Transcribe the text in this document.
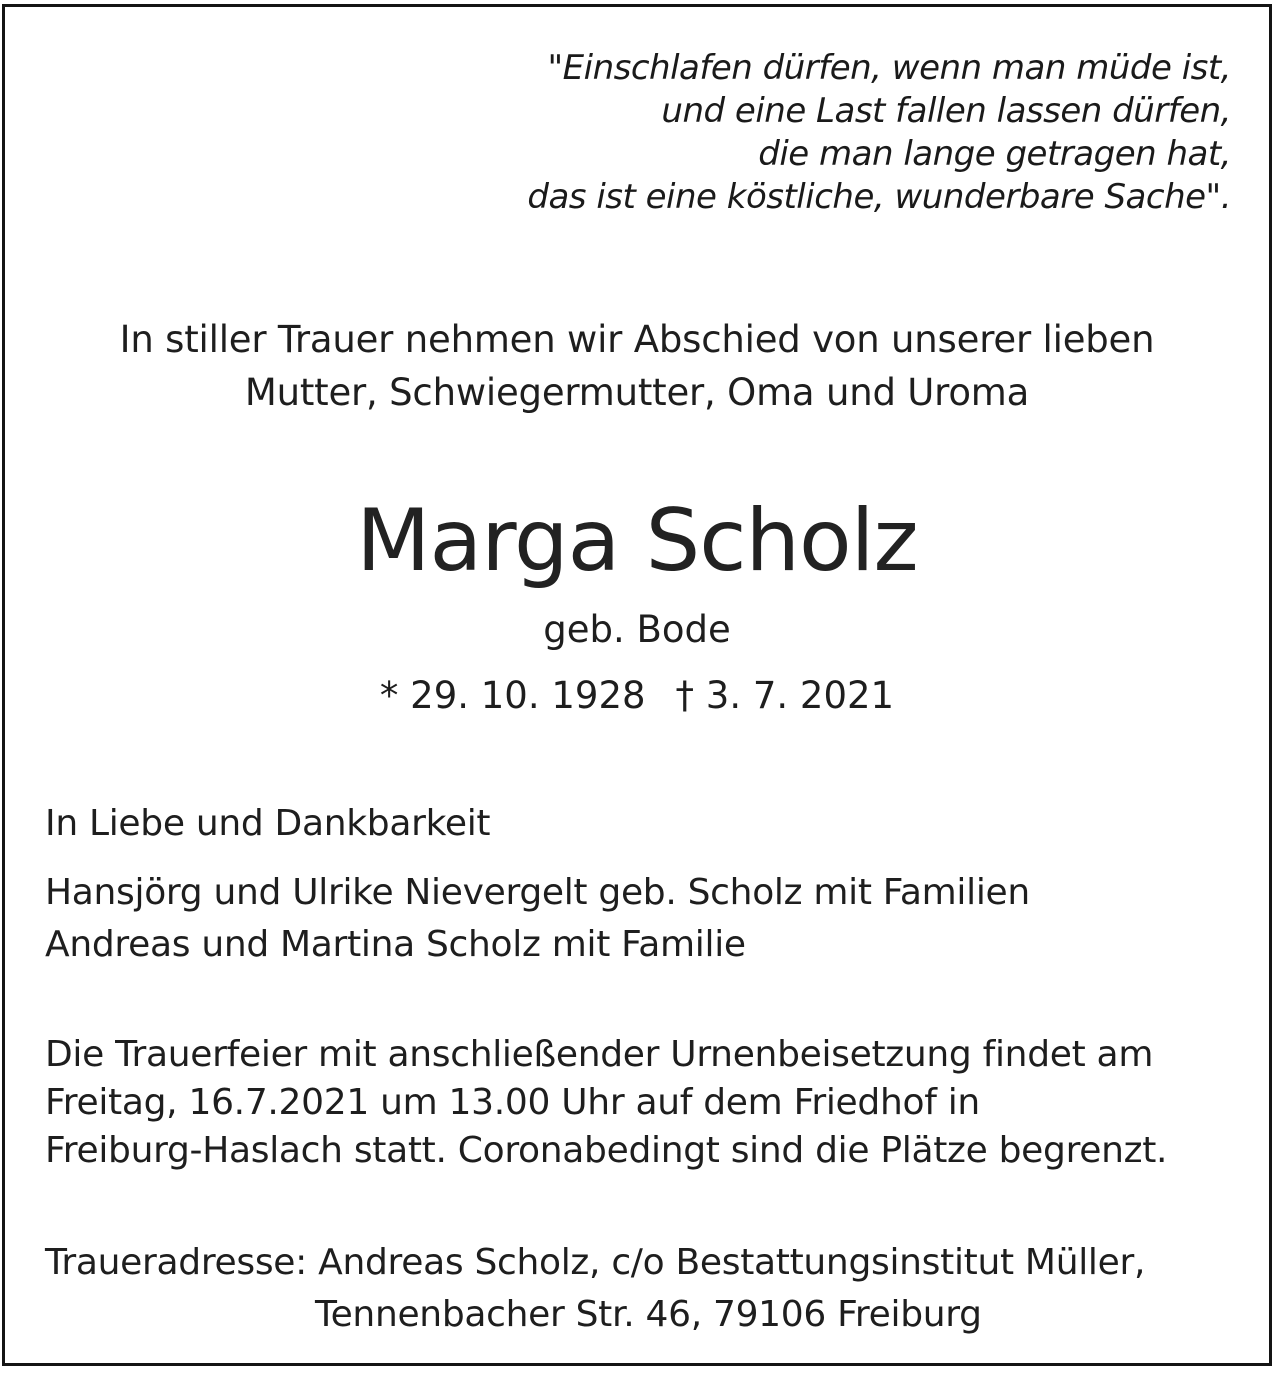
"Einschlafen dürfen, wenn man müde ist,
und eine Last fallen lassen dürfen,
die man lange getragen hat,
das ist eine köstliche, wunderbare Sache".
In stiller Trauer nehmen wir Abschied von unserer lieben
Mutter, Schwiegermutter, Oma und Uroma
Marga Scholz
geb. Bode
* 29. 10. 1928 † 3. 7. 2021
In Liebe und Dankbarkeit
Hansjörg und Ulrike Nievergelt geb. Scholz mit Familien
Andreas und Martina Scholz mit Familie
Die Trauerfeier mit anschließender Urnenbeisetzung findet am
Freitag, 16.7.2021 um 13.00 Uhr auf dem Friedhof in
Freiburg-Haslach statt. Coronabedingt sind die Plätze begrenzt.
Traueradresse: Andreas Scholz, c/o Bestattungsinstitut Müller,
Tennenbacher Str. 46, 79106 Freiburg
